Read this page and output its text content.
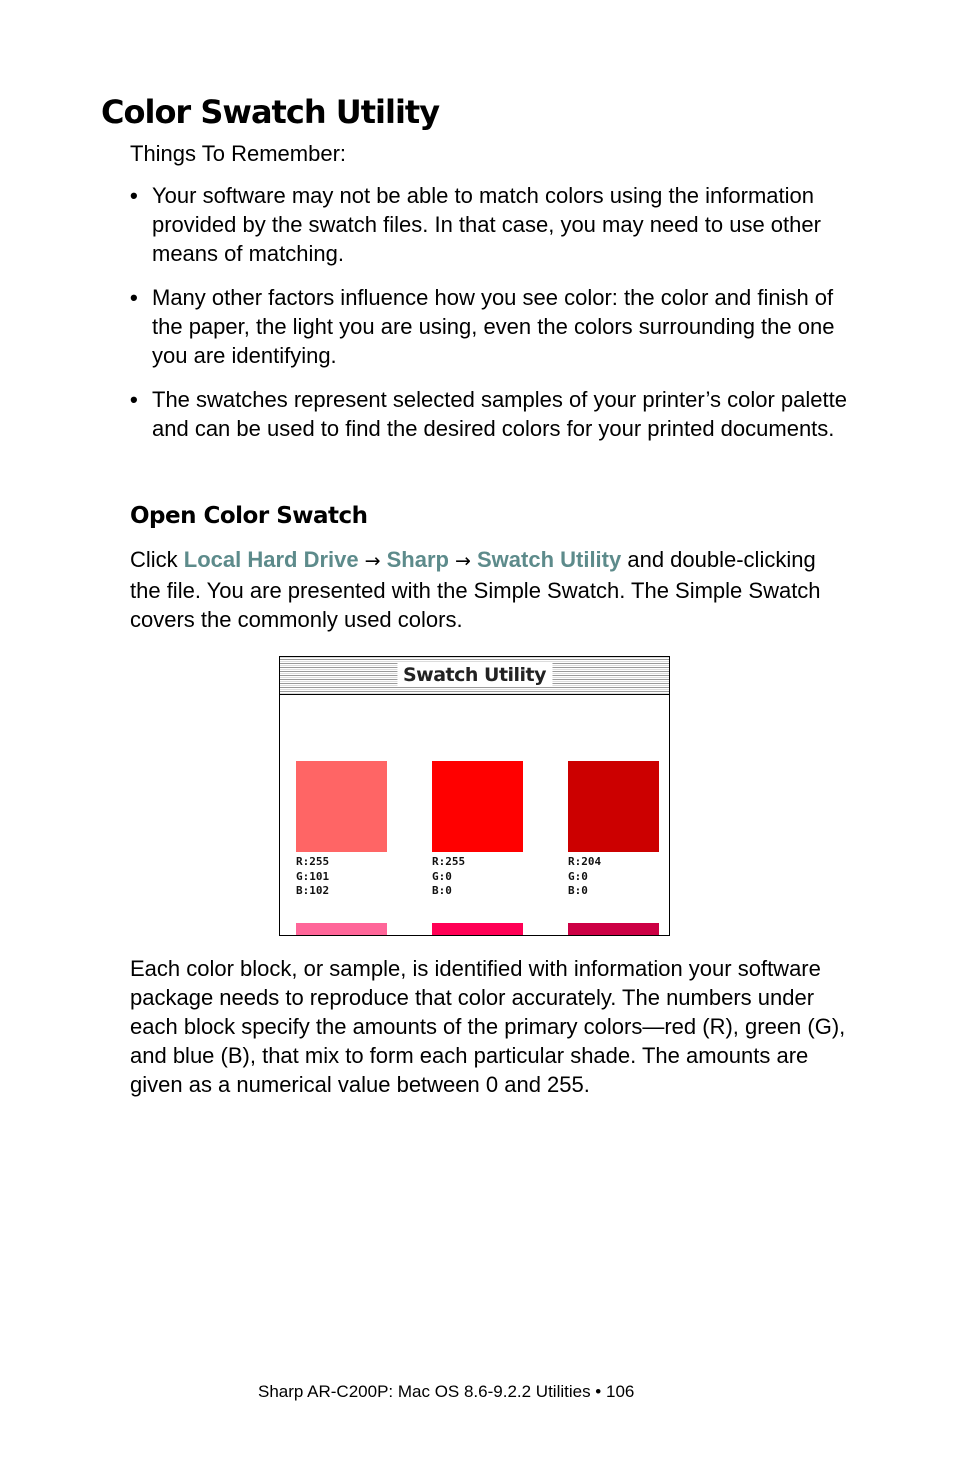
Color Swatch Utility

Things To Remember:

• Your software may not be able to match colors using the information provided by the swatch files. In that case, you may need to use other means of matching.
• Many other factors influence how you see color: the color and finish of the paper, the light you are using, even the colors surrounding the one you are identifying.
• The swatches represent selected samples of your printer’s color palette and can be used to find the desired colors for your printed documents.
Open Color Swatch

Click Local Hard Drive → Sharp → Swatch Utility and double-clicking the file. You are presented with the Simple Swatch. The Simple Swatch covers the commonly used colors.

Swatch Utility
R:255
G:101
B:102
R:255
G:0
B:0
R:204
G:0
B:0

Each color block, or sample, is identified with information your software package needs to reproduce that color accurately. The numbers under each block specify the amounts of the primary colors—red (R), green (G), and blue (B), that mix to form each particular shade. The amounts are given as a numerical value between 0 and 255.

Sharp AR-C200P: Mac OS 8.6-9.2.2 Utilities • 106
